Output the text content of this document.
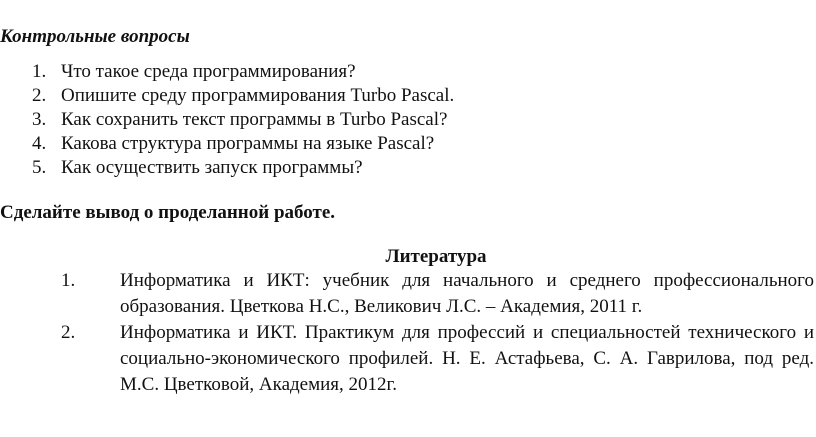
Контрольные вопросы
1. Что такое среда программирования?
2. Опишите среду программирования Turbo Pascal.
3. Как сохранить текст программы в Turbo Pascal?
4. Какова структура программы на языке Pascal?
5. Как осуществить запуск программы?
Сделайте вывод о проделанной работе.
Литература
1. Информатика и ИКТ: учебник для начального и среднего профессионального образования. Цветкова Н.С., Великович Л.С. – Академия, 2011 г.
2. Информатика и ИКТ. Практикум для профессий и специальностей технического и социально-экономического профилей. Н. Е. Астафьева, С. А. Гаврилова, под ред. М.С. Цветковой, Академия, 2012г.
